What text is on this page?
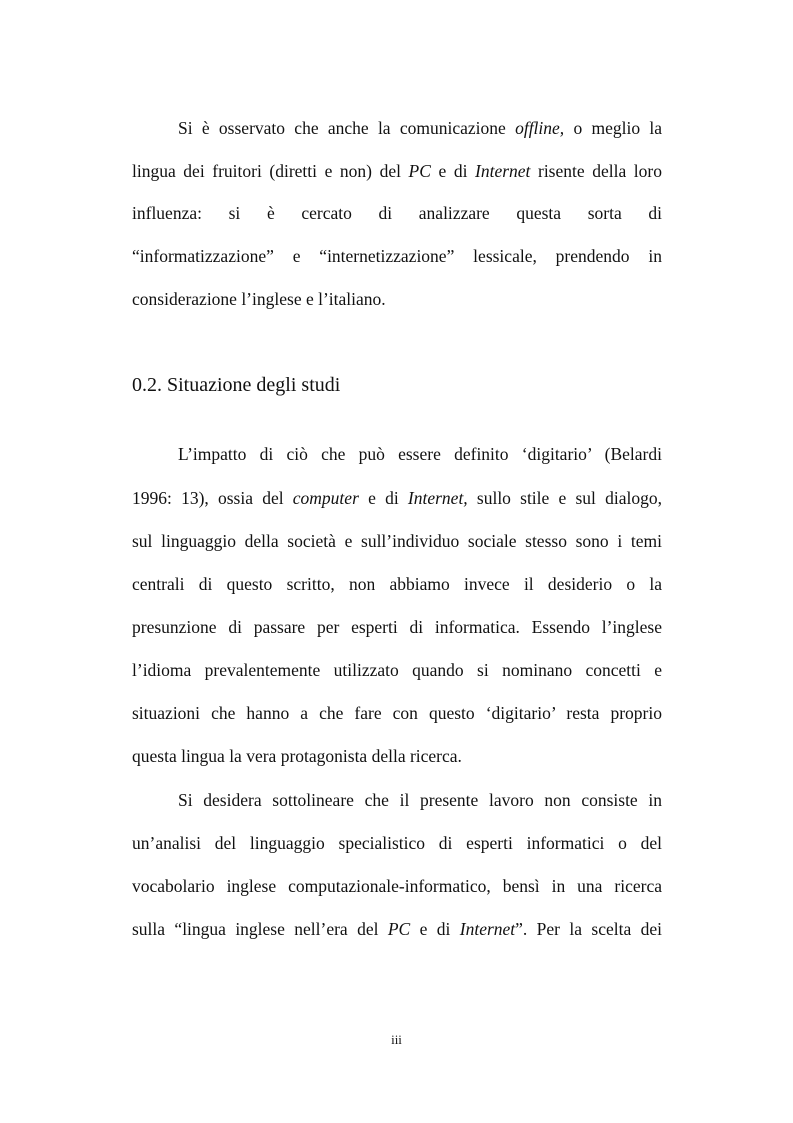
Si è osservato che anche la comunicazione offline, o meglio la
lingua dei fruitori (diretti e non) del PC e di Internet risente della loro
influenza: si è cercato di analizzare questa sorta di
“informatizzazione” e “internetizzazione” lessicale, prendendo in
considerazione l’inglese e l’italiano.
0.2. Situazione degli studi
L’impatto di ciò che può essere definito ‘digitario’ (Belardi
1996: 13), ossia del computer e di Internet, sullo stile e sul dialogo,
sul linguaggio della società e sull’individuo sociale stesso sono i temi
centrali di questo scritto, non abbiamo invece il desiderio o la
presunzione di passare per esperti di informatica. Essendo l’inglese
l’idioma prevalentemente utilizzato quando si nominano concetti e
situazioni che hanno a che fare con questo ‘digitario’ resta proprio
questa lingua la vera protagonista della ricerca.
Si desidera sottolineare che il presente lavoro non consiste in
un’analisi del linguaggio specialistico di esperti informatici o del
vocabolario inglese computazionale-informatico, bensì in una ricerca
sulla “lingua inglese nell’era del PC e di Internet”. Per la scelta dei
iii
